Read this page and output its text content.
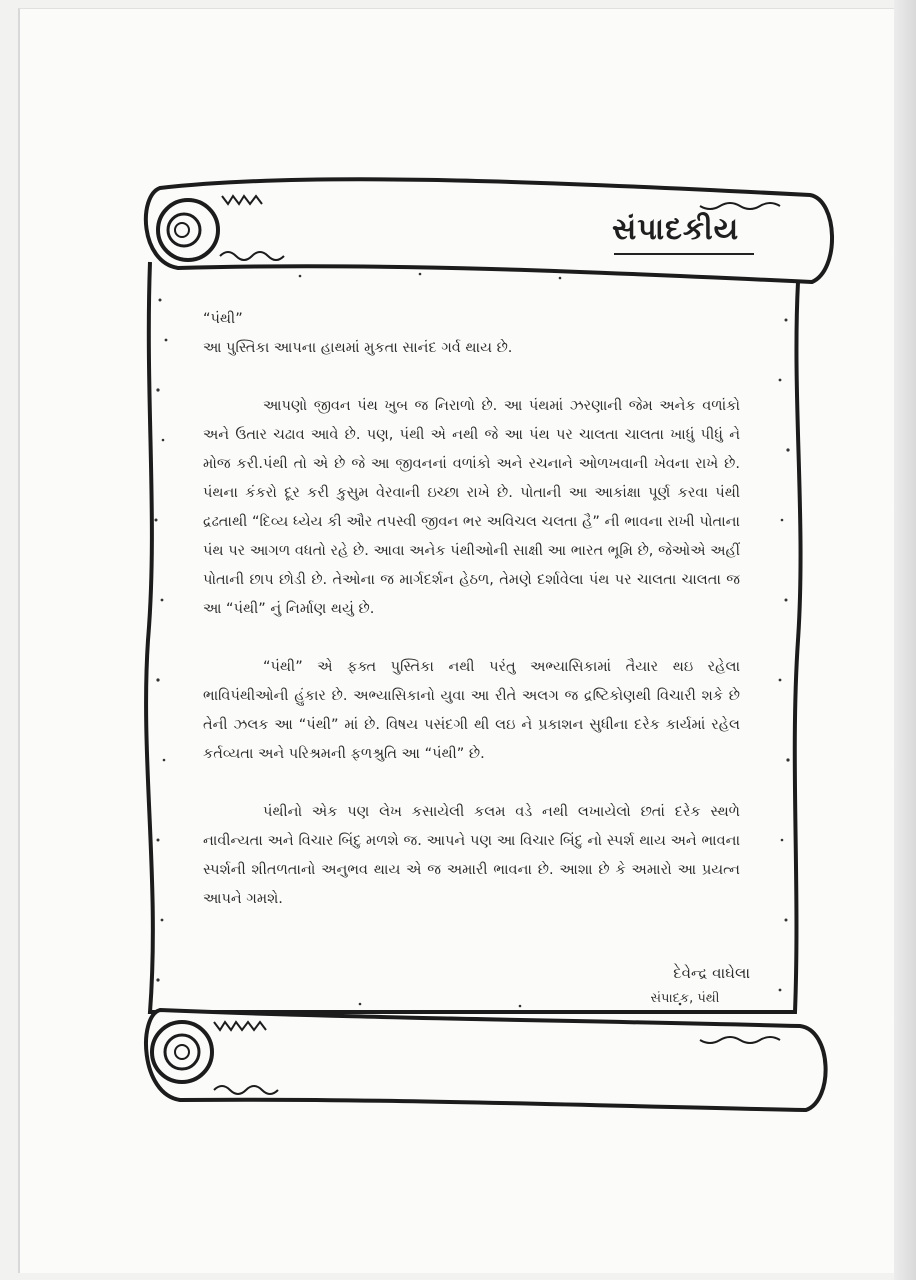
સંપાદકીય

“પંથી”

આ પુસ્તિકા આપના હાથમાં મુકતા સાનંદ ગર્વ થાય છે.

આપણો જીવન પંથ ખુબ જ નિરાળો છે. આ પંથમાં ઝરણાની જેમ અનેક વળાંકો અને ઉતાર ચઢાવ આવે છે. પણ, પંથી એ નથી જે આ પંથ પર ચાલતા ચાલતા ખાધું પીધું ને મોજ કરી.પંથી તો એ છે જે આ જીવનનાં વળાંકો અને રચનાને ઓળખવાની ખેવના રાખે છે. પંથના કંકરો દૂર કરી કુસુમ વેરવાની ઇચ્છા રાખે છે. પોતાની આ આકાંક્ષા પૂર્ણ કરવા પંથી દ્રઢતાથી “દિવ્ય ધ્યેય કી ઔર તપસ્વી જીવન ભર અવિચલ ચલતા હૈ” ની ભાવના રાખી પોતાના પંથ પર આગળ વધતો રહે છે. આવા અનેક પંથીઓની સાક્ષી આ ભારત ભૂમિ છે, જેઓએ અહીં પોતાની છાપ છોડી છે. તેઓના જ માર્ગદર્શન હેઠળ, તેમણે દર્શાવેલા પંથ પર ચાલતા ચાલતા જ આ “પંથી” નું નિર્માણ થયું છે.

“પંથી” એ ફક્ત પુસ્તિકા નથી પરંતુ અભ્યાસિકામાં તૈયાર થઇ રહેલા ભાવિપંથીઓની હુંકાર છે. અભ્યાસિકાનો યુવા આ રીતે અલગ જ દ્રષ્ટિકોણથી વિચારી શકે છે તેની ઝલક આ “પંથી” માં છે. વિષય પસંદગી થી લઇ ને પ્રકાશન સુધીના દરેક કાર્યમાં રહેલ કર્તવ્યતા અને પરિશ્રમની ફળશ્રુતિ આ “પંથી” છે.

પંથીનો એક પણ લેખ કસાયેલી કલમ વડે નથી લખાયેલો છતાં દરેક સ્થળે નાવીન્યતા અને વિચાર બિંદુ મળશે જ. આપને પણ આ વિચાર બિંદુ નો સ્પર્શ થાય અને ભાવના સ્પર્શની શીતળતાનો અનુભવ થાય એ જ અમારી ભાવના છે. આશા છે કે અમારો આ પ્રયત્ન આપને ગમશે.

દેવેન્દ્ર વાઘેલા
સંપાદક, પંથી
